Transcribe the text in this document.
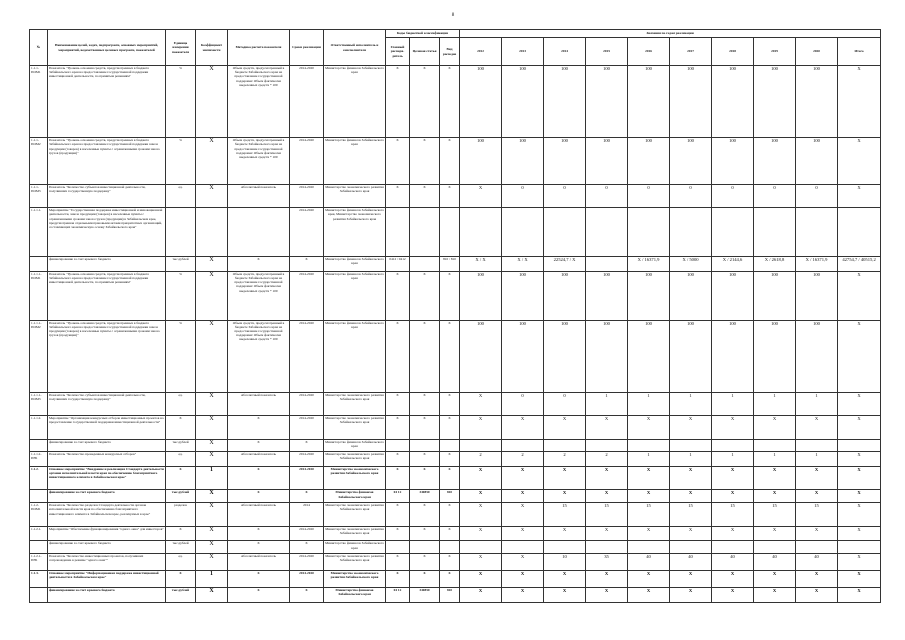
8
№	Наименование целей, задач, подпрограмм, основных мероприятий, мероприятий, ведомственных целевых программ, показателей	Единица измерения показателя	Коэффициент значимости	Методика расчета показателя	Сроки реализации	Ответственный исполнитель и соисполнители	Коды бюджетной классификации			Значения по годам реализации									
							Главный распоря-дитель	Целевая статья	Вид расходов	2012	2013	2014	2015	2016	2017	2018	2019	2020	Итого
1.1.1-ПОМ1	Показатель "Уровень освоения средств, предусмотренных в бюджете Забайкальского края на предоставление государственной поддержки инвестиционной деятельности, по принятым решениям"	%	X	Объем средств, предусмотренный в бюджете Забайкальского края на предоставление государственной поддержки/ Объем фактически выделенных средств * 100	2014-2020	Министерство финансов Забайкальского края	X	X	X	100	100	100	100	100	100	100	100	100	X
1.1.1-ПОМ2	Показатель "Уровень освоения средств, предусмотренных в бюджете Забайкальского края на предоставление государственной поддержки завоза продукции (товаров) в населенные пункты с ограниченными сроками завоза грузов (продукции)"	%	X	Объем средств, предусмотренный в бюджете Забайкальского края на предоставление государственной поддержки/ Объем фактически выделенных средств * 100	2014-2020	Министерство финансов Забайкальского края	X	X	X	100	100	100	100	100	100	100	100	100	X
1.1.1-ПОМ3	Показатель "Количество субъектов инвестиционной деятельности, получивших государственную поддержку"	ед.	X	Абсолютный показатель	2014-2020	Министерство экономического развития Забайкальского края	X	X	X	X	0	0	0	0	0	0	0	0	X
1.1.1.1.	Мероприятие "Государственная поддержка инвестиционной и инновационной деятельности, завоза продукции (товаров) в населенные пункты с ограниченными сроками завоза грузов (продукции) в Забайкальском крае, предусмотренная отдельными правовыми актами приоритетных организаций, составляющих экономическую основу Забайкальского края"				2014-2020	Министерство финансов Забайкальского края, Министерство экономического развития Забайкальского края													
	финансирование за счет краевого бюджета	тыс.рублей	X	X	X	Министерство финансов Забайкальского края	0412 / 0412		810 / 810	X / X	X / X	22524,7 / X		X / 16371,9	X / 5000	X / 2144,6	X / 2618,8	X / 16371,9	42754,7 / 40515,2
1.1.1.1-ПОМ1	Показатель "Уровень освоения средств, предусмотренных в бюджете Забайкальского края на предоставление государственной поддержки инвестиционной деятельности, по принятым решениям"	%	X	Объем средств, предусмотренный в бюджете Забайкальского края на предоставление государственной поддержки/ Объем фактически выделенных средств * 100	2014-2020	Министерство финансов Забайкальского края	X	X	X	100	100	100	100	100	100	100	100	100	X
1.1.1.1-ПОМ2	Показатель "Уровень освоения средств, предусмотренных в бюджете Забайкальского края на предоставление государственной поддержки завоза продукции (товаров) в населенные пункты с ограниченными сроками завоза грузов (продукции)"	%	X	Объем средств, предусмотренный в бюджете Забайкальского края на предоставление государственной поддержки/ Объем фактически выделенных средств * 100	2014-2020	Министерство финансов Забайкальского края	X	X	X	100	100	100	100	100	100	100	100	100	X
1.1.1.1-ПОМ3	Показатель "Количество субъектов инвестиционной деятельности, получивших государственную поддержку"	ед.	X	Абсолютный показатель	2014-2020	Министерство экономического развития Забайкальского края	X	X	X	X	0	0	1	1	1	1	1	1	X
1.1.1.2.	Мероприятие "Организация конкурсных отборов инвестиционных проектов на предоставление государственной поддержки инвестиционной деятельности"	X	X	X	2014-2020	Министерство экономического развития Забайкальского края	X	X	X	X	X	X	X	X	X	X	X	X	X
	финансирование за счет краевого бюджета	тыс.рублей	X	X	X	Министерство финансов Забайкальского края													
1.1.1.2-ПН1	Показатель "Количество проведенных конкурсных отборов"	ед.	X	Абсолютный показатель	2014-2020	Министерство экономического развития Забайкальского края	X	X	X	2	2	2	2	1	1	1	1	1	X
1.1.2.	Основное мероприятие "Внедрение и реализация Стандарта деятельности органов исполнительной власти края по обеспечению благоприятного инвестиционного климата в Забайкальском крае"	X	1	X	2014-2020	Министерство экономического развития Забайкальского края	X	X	X	X	X	X	X	X	X	X	X	X	X
	финансирование за счет краевого бюджета	тыс.рублей	X	X	X	Министерство финансов Забайкальского края	04 12	340850	810	X	X	X	X	X	X	X	X	X	X
1.1.2-ПОМ1	Показатель "Количество разделов Стандарта деятельности органов исполнительной власти края по обеспечению благоприятного инвестиционного климата в Забайкальском крае, реализуемых в крае"	разделов	X	Абсолютный показатель	2014	Министерство экономического развития Забайкальского края	X	X	X	X	X	15	15	15	15	15	15	15	X
1.1.2.1.	Мероприятие "Обеспечение функционирования "одного окна" для инвесторов"	X	X	X	2014-2020	Министерство экономического развития Забайкальского края	X	X	X	X	X	X	X	X	X	X	X	X	X
	финансирование за счет краевого бюджета	тыс.рублей	X	X	X	Министерство финансов Забайкальского края													
1.1.2.1-ПН1	Показатель "Количество инвестиционных проектов, получивших сопровождение в режиме "одного окна""	ед.	X	Абсолютный показатель	2014-2020	Министерство экономического развития Забайкальского края	X	X	X	X	X	10	35	40	40	40	40	40	X
1.1.3.	Основное мероприятие "Информационная поддержка инвестиционной деятельности в Забайкальском крае"	X	1	X	2014-2020	Министерство экономического развития Забайкальского края	X	X	X	X	X	X	X	X	X	X	X	X	X
	финансирование за счет краевого бюджета	тыс.рублей	X	X	X	Министерство финансов Забайкальского края	04 12	340850	810	X	X	X	X	X	X	X	X	X	X
